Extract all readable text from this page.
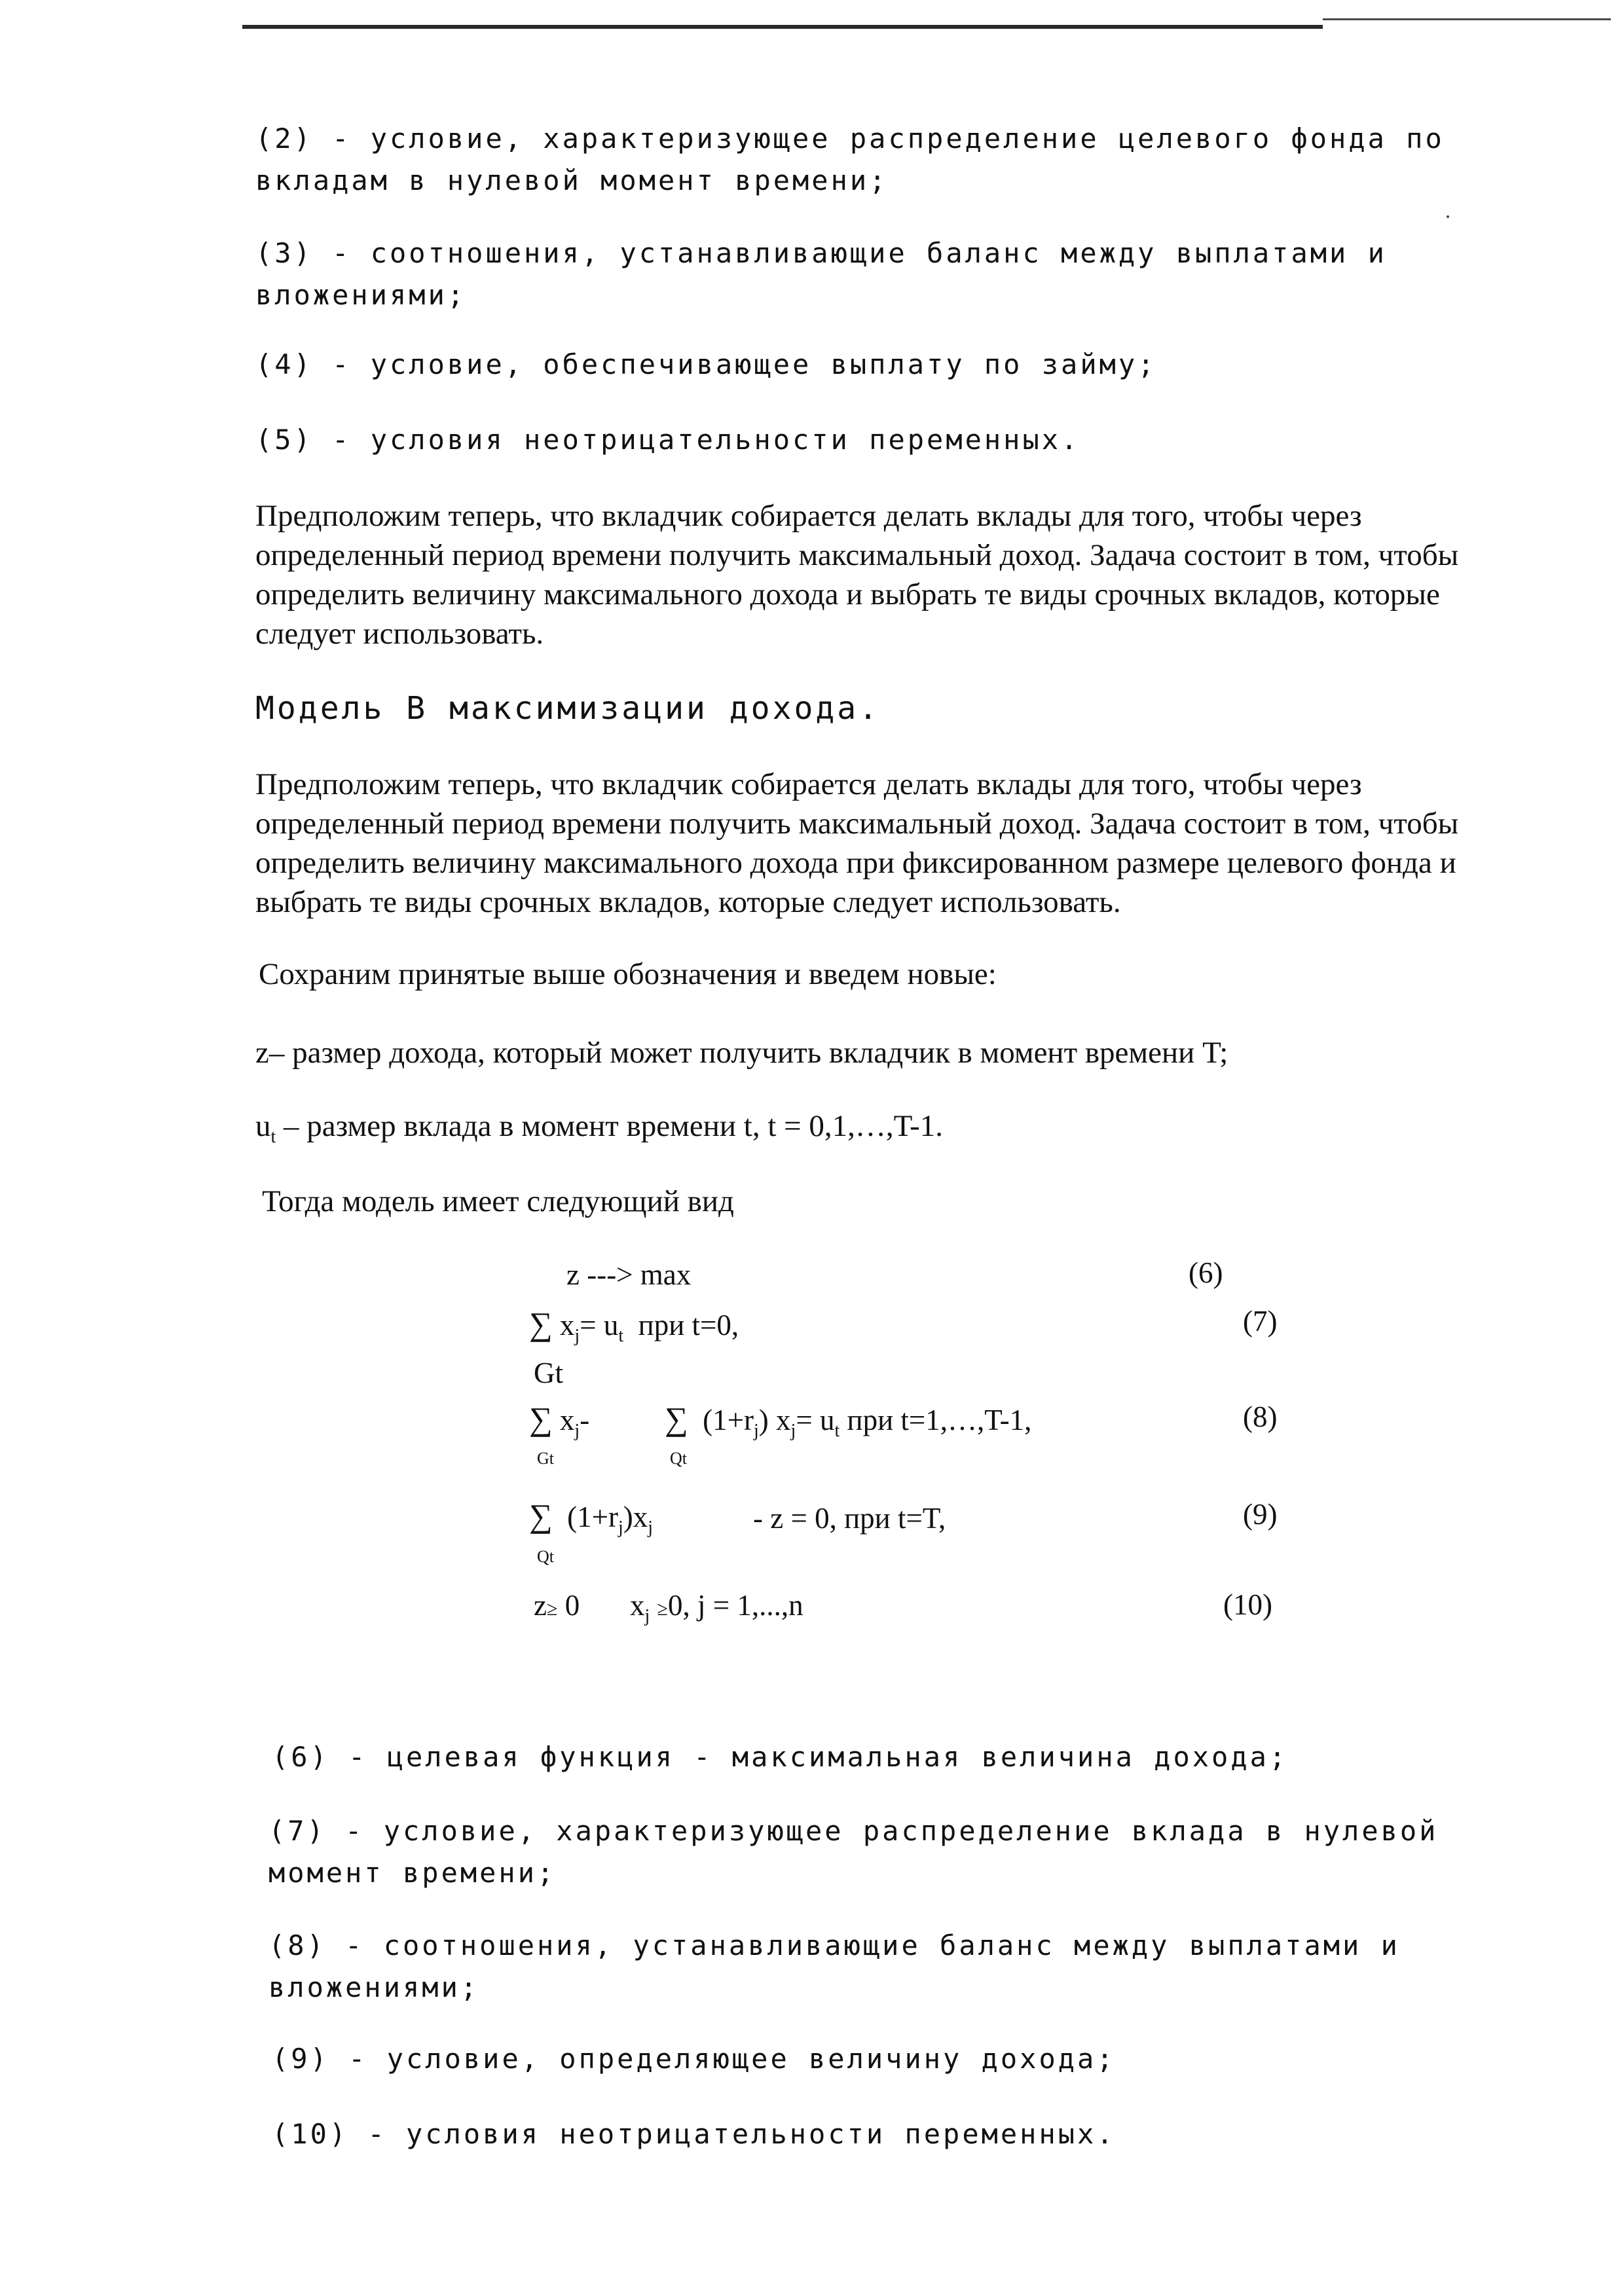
(2) - условие, характеризующее распределение целевого фонда по вкладам в нулевой момент времени;

(3) - соотношения, устанавливающие баланс между выплатами и вложениями;

(4) - условие, обеспечивающее выплату по займу;

(5) - условия неотрицательности переменных.

Предположим теперь, что вкладчик собирается делать вклады для того, чтобы через определенный период времени получить максимальный доход. Задача состоит в том, чтобы определить величину максимального дохода и выбрать те виды срочных вкладов, которые следует использовать.

Модель В максимизации дохода.

Предположим теперь, что вкладчик собирается делать вклады для того, чтобы через определенный период времени получить максимальный доход. Задача состоит в том, чтобы определить величину максимального дохода при фиксированном размере целевого фонда и выбрать те виды срочных вкладов, которые следует использовать.

Сохраним принятые выше обозначения и введем новые:

z– размер дохода, который может получить вкладчик в момент времени T;

$u_t$ – размер вклада в момент времени t, t = 0,1,…,T-1.

Тогда модель имеет следующий вид

z ---> max	(6)
∑ $x_j= u_t$ при t=0,	(7)
Gt
∑ $x_j-$ ∑ $(1+r_j)$ $x_j= u_t$ при t=1,…,T-1,	(8)
Gt	Qt
∑ $(1+r_j)x_j$	- z = 0, при t=T,	(9)
Qt
z≥ 0 $x_j \ge 0$, j = 1,...,n	(10)

(6) - целевая функция - максимальная величина дохода;

(7) - условие, характеризующее распределение вклада в нулевой момент времени;

(8) - соотношения, устанавливающие баланс между выплатами и вложениями;

(9) - условие, определяющее величину дохода;

(10) - условия неотрицательности переменных.
